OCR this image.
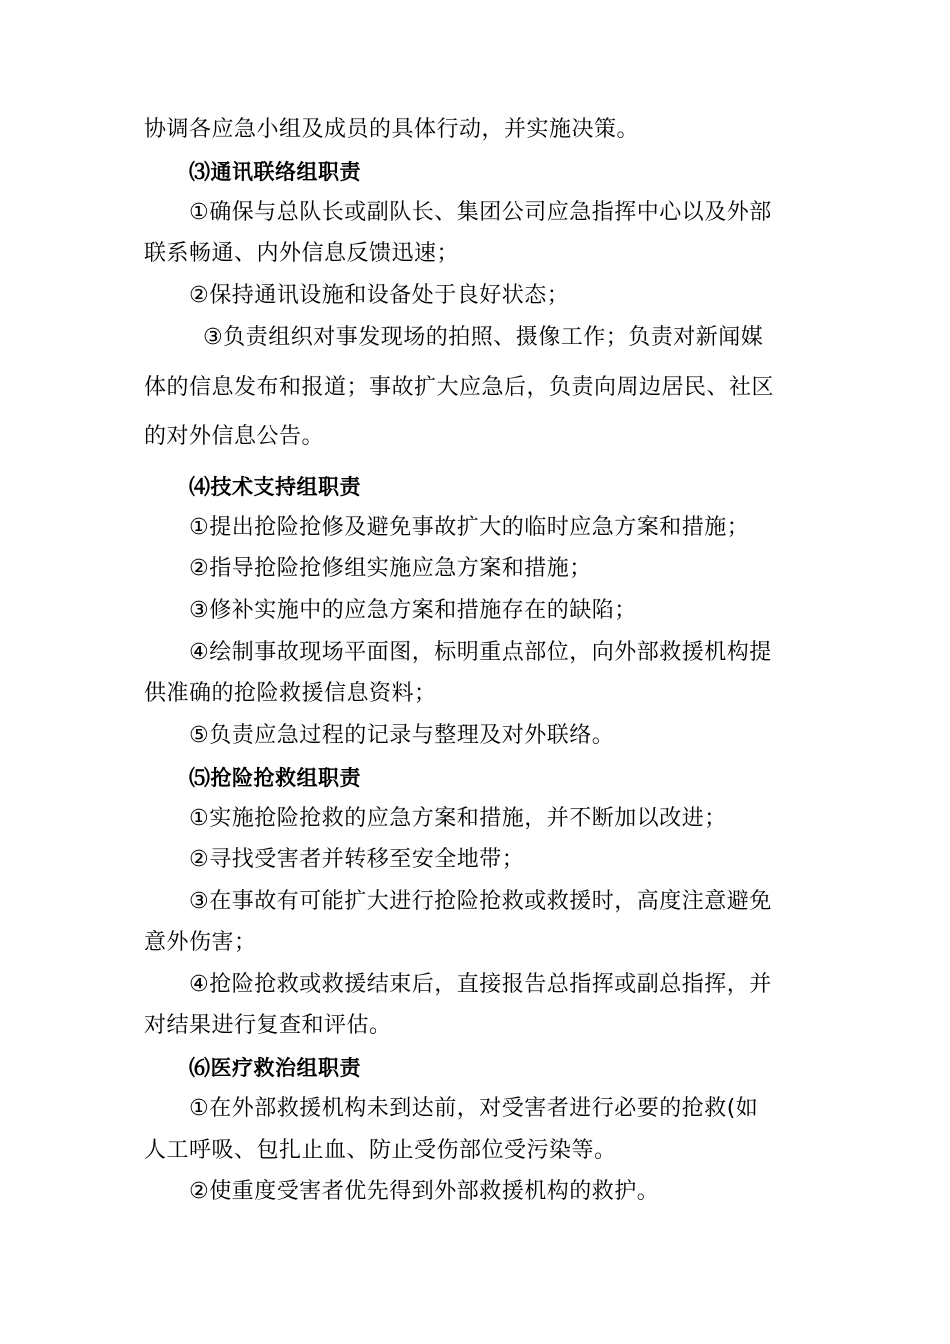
协调各应急小组及成员的具体行动，并实施决策。

⑶通讯联络组职责

①确保与总队长或副队长、集团公司应急指挥中心以及外部

联系畅通、内外信息反馈迅速；

②保持通讯设施和设备处于良好状态；

③负责组织对事发现场的拍照、摄像工作；负责对新闻媒

体的信息发布和报道；事故扩大应急后，负责向周边居民、社区

的对外信息公告。

⑷技术支持组职责

①提出抢险抢修及避免事故扩大的临时应急方案和措施；

②指导抢险抢修组实施应急方案和措施；

③修补实施中的应急方案和措施存在的缺陷；

④绘制事故现场平面图，标明重点部位，向外部救援机构提

供准确的抢险救援信息资料；

⑤负责应急过程的记录与整理及对外联络。

⑸抢险抢救组职责

①实施抢险抢救的应急方案和措施，并不断加以改进；

②寻找受害者并转移至安全地带；

③在事故有可能扩大进行抢险抢救或救援时，高度注意避免

意外伤害；

④抢险抢救或救援结束后，直接报告总指挥或副总指挥，并

对结果进行复查和评估。

⑹医疗救治组职责

①在外部救援机构未到达前，对受害者进行必要的抢救(如

人工呼吸、包扎止血、防止受伤部位受污染等。

②使重度受害者优先得到外部救援机构的救护。
